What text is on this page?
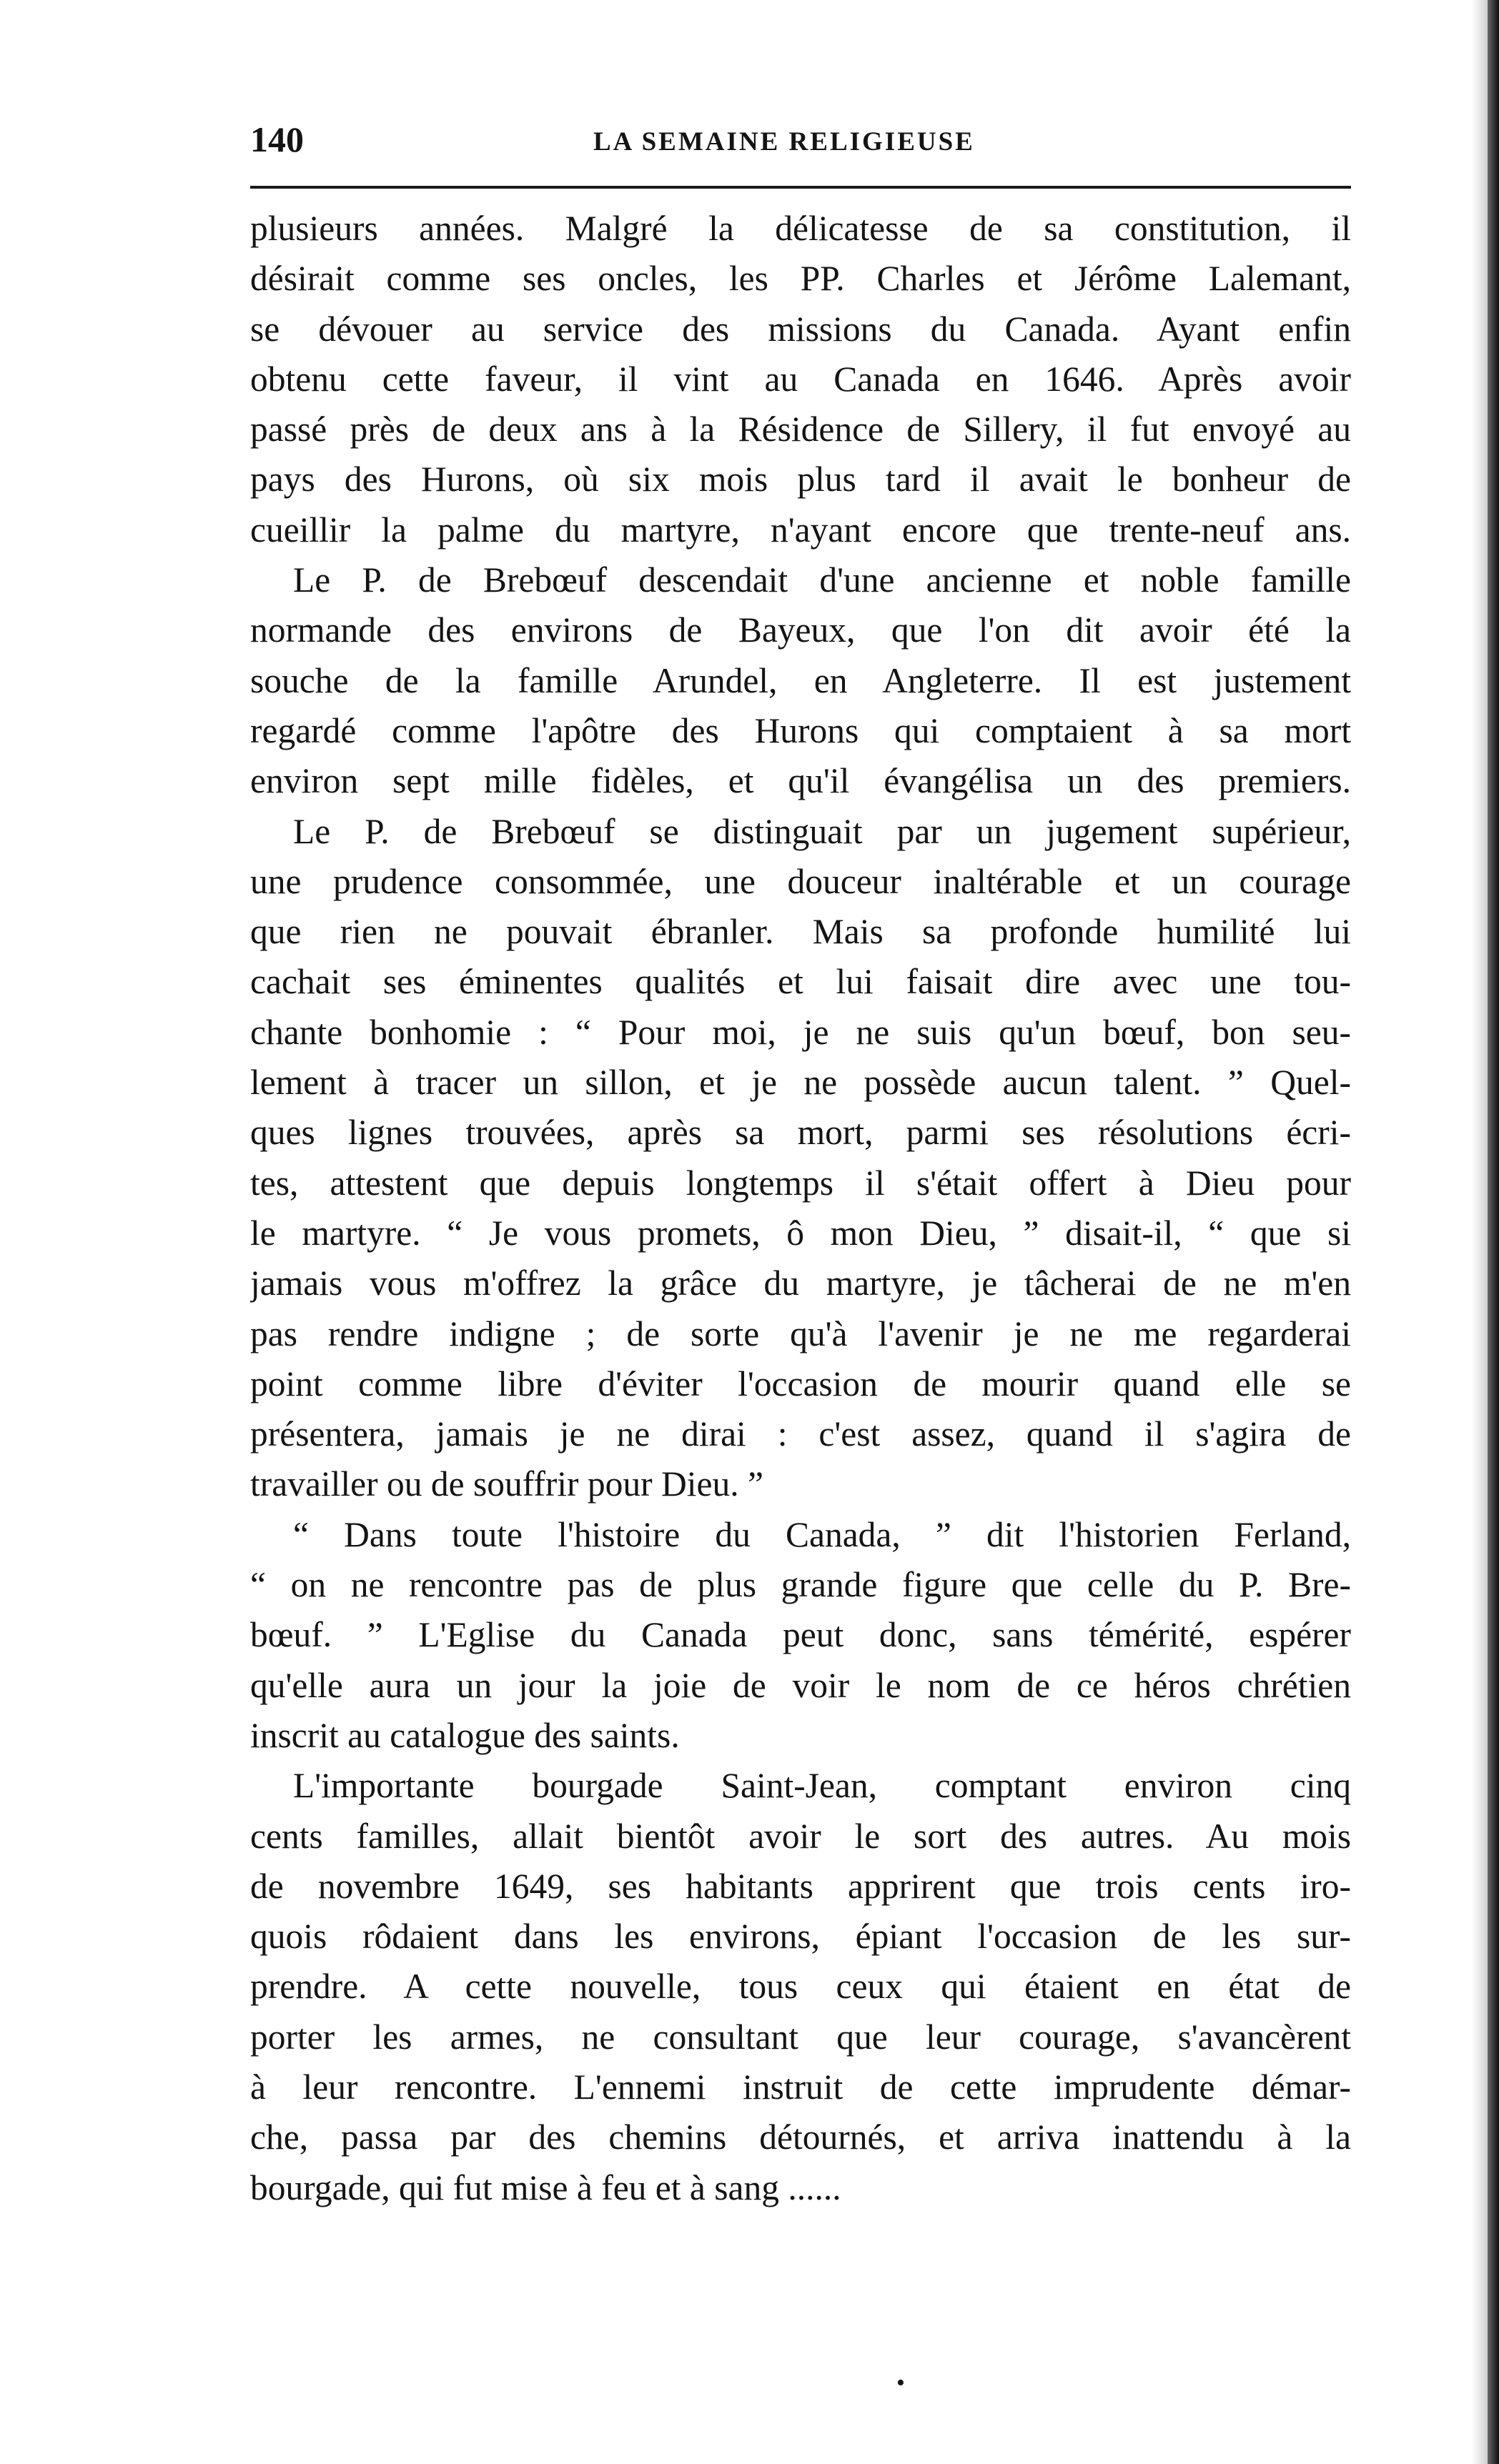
140	LA SEMAINE RELIGIEUSE
plusieurs années. Malgré la délicatesse de sa constitution, il
désirait comme ses oncles, les PP. Charles et Jérôme Lalemant,
se dévouer au service des missions du Canada. Ayant enfin
obtenu cette faveur, il vint au Canada en 1646. Après avoir
passé près de deux ans à la Résidence de Sillery, il fut envoyé au
pays des Hurons, où six mois plus tard il avait le bonheur de
cueillir la palme du martyre, n'ayant encore que trente-neuf ans.
Le P. de Brebœuf descendait d'une ancienne et noble famille
normande des environs de Bayeux, que l'on dit avoir été la
souche de la famille Arundel, en Angleterre. Il est justement
regardé comme l'apôtre des Hurons qui comptaient à sa mort
environ sept mille fidèles, et qu'il évangélisa un des premiers.
Le P. de Brebœuf se distinguait par un jugement supérieur,
une prudence consommée, une douceur inaltérable et un courage
que rien ne pouvait ébranler. Mais sa profonde humilité lui
cachait ses éminentes qualités et lui faisait dire avec une tou-
chante bonhomie : “ Pour moi, je ne suis qu'un bœuf, bon seu-
lement à tracer un sillon, et je ne possède aucun talent. ” Quel-
ques lignes trouvées, après sa mort, parmi ses résolutions écri-
tes, attestent que depuis longtemps il s'était offert à Dieu pour
le martyre. “ Je vous promets, ô mon Dieu, ” disait-il, “ que si
jamais vous m'offrez la grâce du martyre, je tâcherai de ne m'en
pas rendre indigne ; de sorte qu'à l'avenir je ne me regarderai
point comme libre d'éviter l'occasion de mourir quand elle se
présentera, jamais je ne dirai : c'est assez, quand il s'agira de
travailler ou de souffrir pour Dieu. ”
“ Dans toute l'histoire du Canada, ” dit l'historien Ferland,
“ on ne rencontre pas de plus grande figure que celle du P. Bre-
bœuf. ” L'Eglise du Canada peut donc, sans témérité, espérer
qu'elle aura un jour la joie de voir le nom de ce héros chrétien
inscrit au catalogue des saints.
L'importante bourgade Saint-Jean, comptant environ cinq
cents familles, allait bientôt avoir le sort des autres. Au mois
de novembre 1649, ses habitants apprirent que trois cents iro-
quois rôdaient dans les environs, épiant l'occasion de les sur-
prendre. A cette nouvelle, tous ceux qui étaient en état de
porter les armes, ne consultant que leur courage, s'avancèrent
à leur rencontre. L'ennemi instruit de cette imprudente démar-
che, passa par des chemins détournés, et arriva inattendu à la
bourgade, qui fut mise à feu et à sang ......
•
